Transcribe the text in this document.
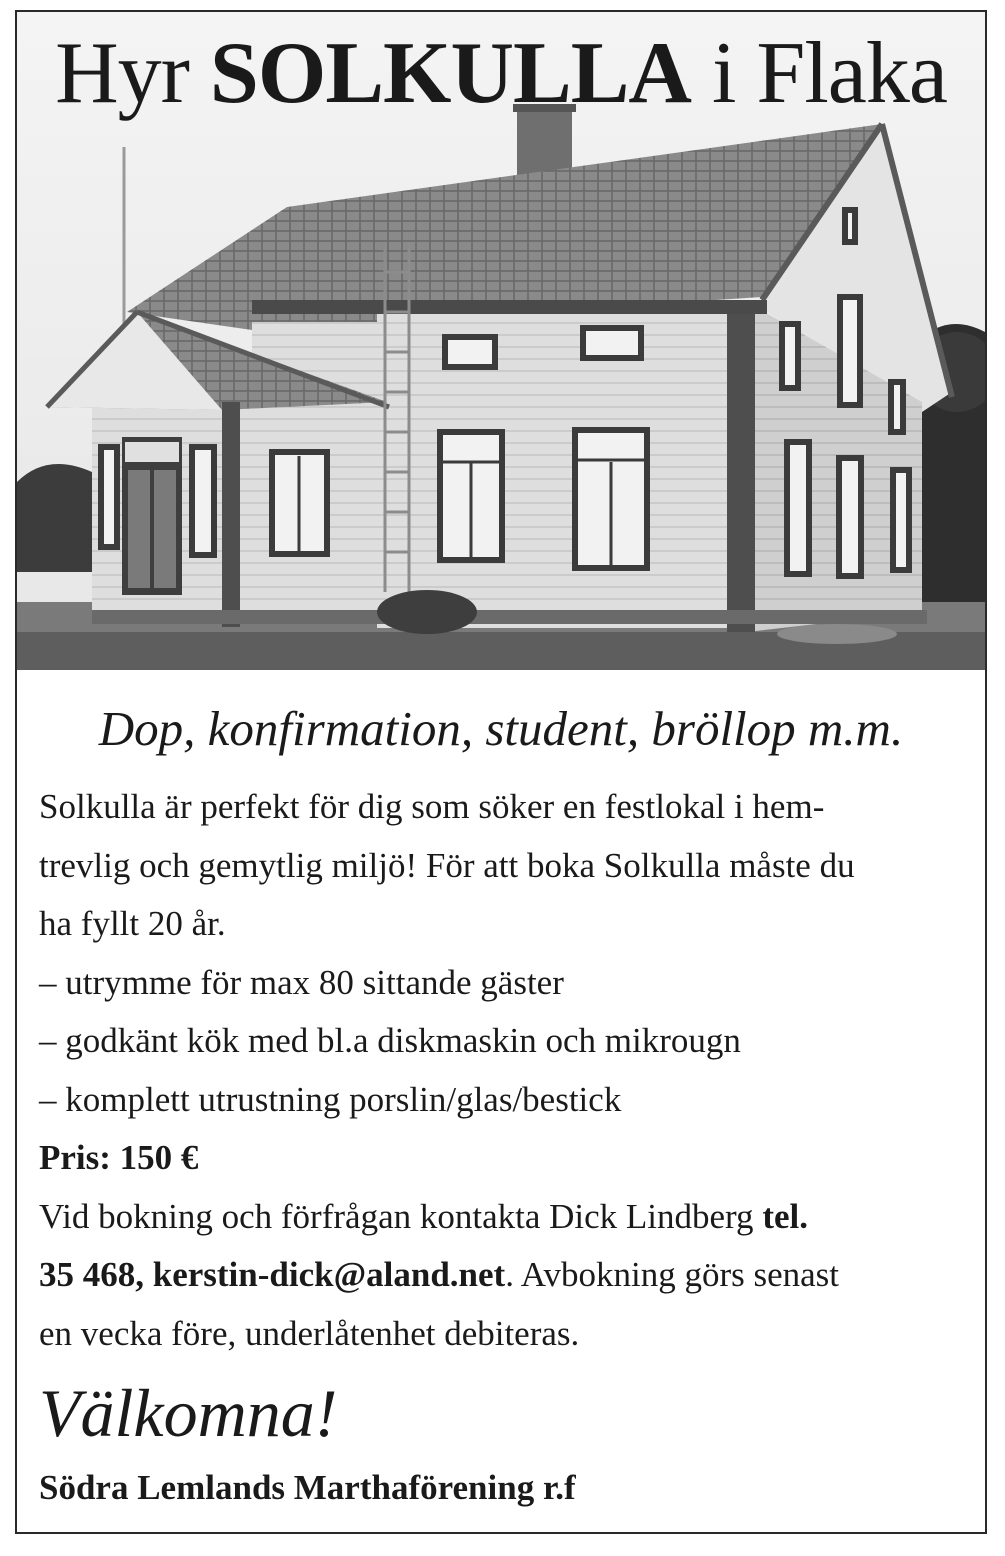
Hyr SOLKULLA i Flaka
Dop, konfirmation, student, bröllop m.m.

Solkulla är perfekt för dig som söker en festlokal i hem-

trevlig och gemytlig miljö! För att boka Solkulla måste du

ha fyllt 20 år.

– utrymme för max 80 sittande gäster

– godkänt kök med bl.a diskmaskin och mikrougn

– komplett utrustning porslin/glas/bestick

Pris: 150 €

Vid bokning och förfrågan kontakta Dick Lindberg tel.

35 468, kerstin-dick@aland.net. Avbokning görs senast

en vecka före, underlåtenhet debiteras.

Välkomna!
Södra Lemlands Marthaförening r.f
